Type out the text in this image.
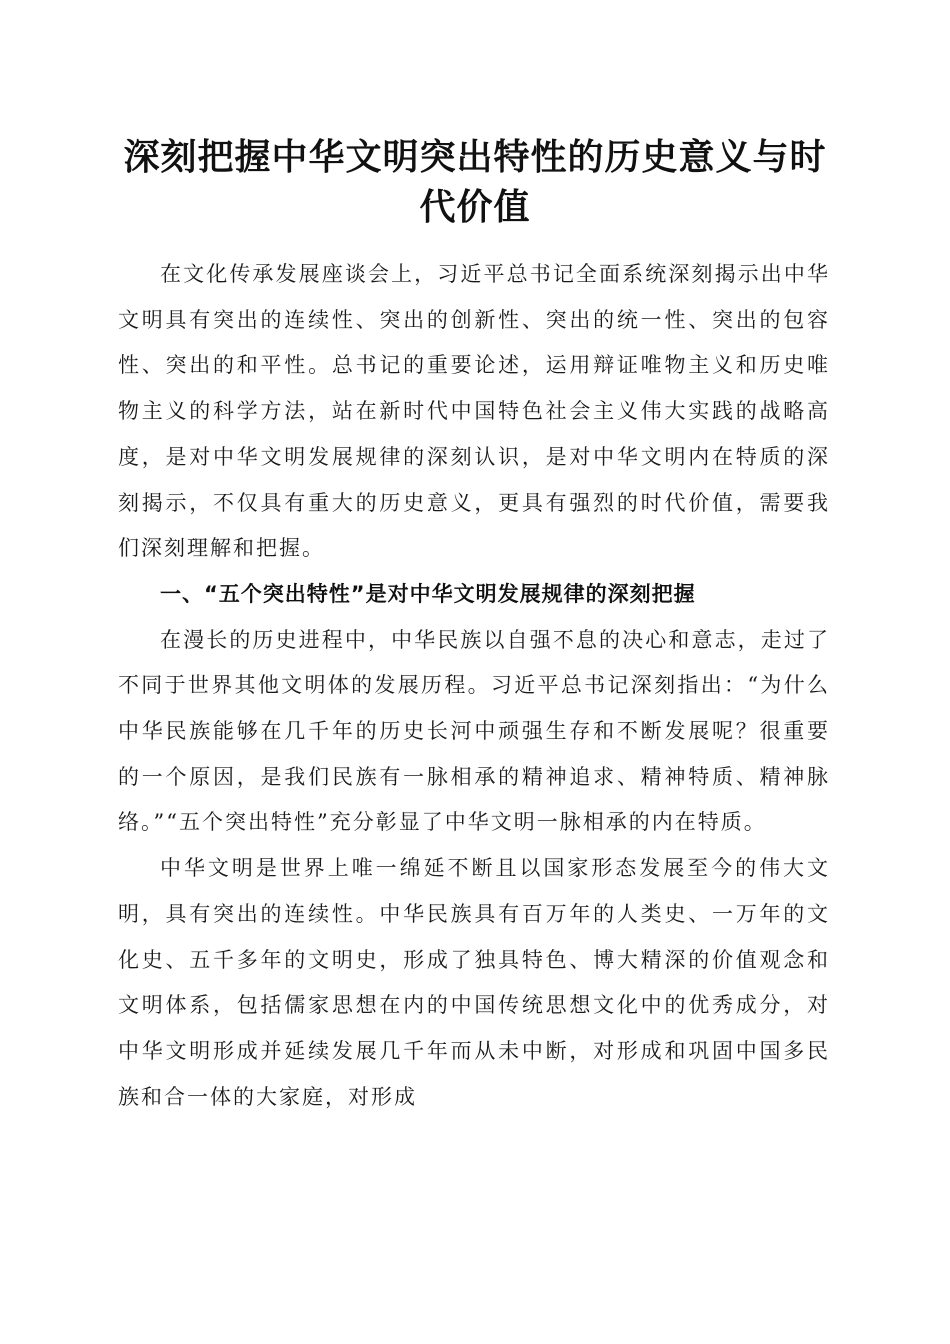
深刻把握中华文明突出特性的历史意义与时代价值

在文化传承发展座谈会上，习近平总书记全面系统深刻揭示出中华文明具有突出的连续性、突出的创新性、突出的统一性、突出的包容性、突出的和平性。总书记的重要论述，运用辩证唯物主义和历史唯物主义的科学方法，站在新时代中国特色社会主义伟大实践的战略高度，是对中华文明发展规律的深刻认识，是对中华文明内在特质的深刻揭示，不仅具有重大的历史意义，更具有强烈的时代价值，需要我们深刻理解和把握。

一、“五个突出特性”是对中华文明发展规律的深刻把握

在漫长的历史进程中，中华民族以自强不息的决心和意志，走过了不同于世界其他文明体的发展历程。习近平总书记深刻指出：“为什么中华民族能够在几千年的历史长河中顽强生存和不断发展呢？很重要的一个原因，是我们民族有一脉相承的精神追求、精神特质、精神脉络。”“五个突出特性”充分彰显了中华文明一脉相承的内在特质。

中华文明是世界上唯一绵延不断且以国家形态发展至今的伟大文明，具有突出的连续性。中华民族具有百万年的人类史、一万年的文化史、五千多年的文明史，形成了独具特色、博大精深的价值观念和文明体系，包括儒家思想在内的中国传统思想文化中的优秀成分，对中华文明形成并延续发展几千年而从未中断，对形成和巩固中国多民族和合一体的大家庭，对形成
